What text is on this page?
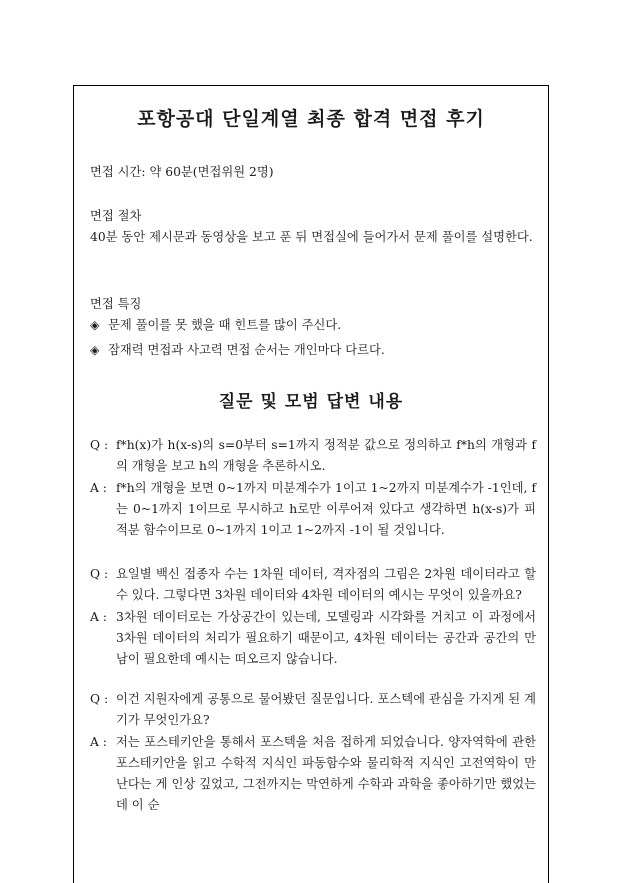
포항공대 단일계열 최종 합격 면접 후기
면접 시간: 약 60분(면접위원 2명)
면접 절차
40분 동안 제시문과 동영상을 보고 푼 뒤 면접실에 들어가서 문제 풀이를 설명한다.
면접 특징
◈ 문제 풀이를 못 했을 때 힌트를 많이 주신다.
◈ 잠재력 면접과 사고력 면접 순서는 개인마다 다르다.
질문 및 모범 답변 내용
Q : f*h(x)가 h(x-s)의 s=0부터 s=1까지 정적분 값으로 정의하고 f*h의 개형과 f의 개형을 보고 h의 개형을 추론하시오.
A : f*h의 개형을 보면 0~1까지 미분계수가 1이고 1~2까지 미분계수가 -1인데, f는 0~1까지 1이므로 무시하고 h로만 이루어져 있다고 생각하면 h(x-s)가 피적분 함수이므로 0~1까지 1이고 1~2까지 -1이 될 것입니다.
Q : 요일별 백신 접종자 수는 1차원 데이터, 격자점의 그림은 2차원 데이터라고 할 수 있다. 그렇다면 3차원 데이터와 4차원 데이터의 예시는 무엇이 있을까요?
A : 3차원 데이터로는 가상공간이 있는데, 모델링과 시각화를 거치고 이 과정에서 3차원 데이터의 처리가 필요하기 때문이고, 4차원 데이터는 공간과 공간의 만남이 필요한데 예시는 떠오르지 않습니다.
Q : 이건 지원자에게 공통으로 물어봤던 질문입니다. 포스텍에 관심을 가지게 된 계기가 무엇인가요?
A : 저는 포스테키안을 통해서 포스텍을 처음 접하게 되었습니다. 양자역학에 관한 포스테키안을 읽고 수학적 지식인 파동함수와 물리학적 지식인 고전역학이 만난다는 게 인상 깊었고, 그전까지는 막연하게 수학과 과학을 좋아하기만 했었는데 이 순
